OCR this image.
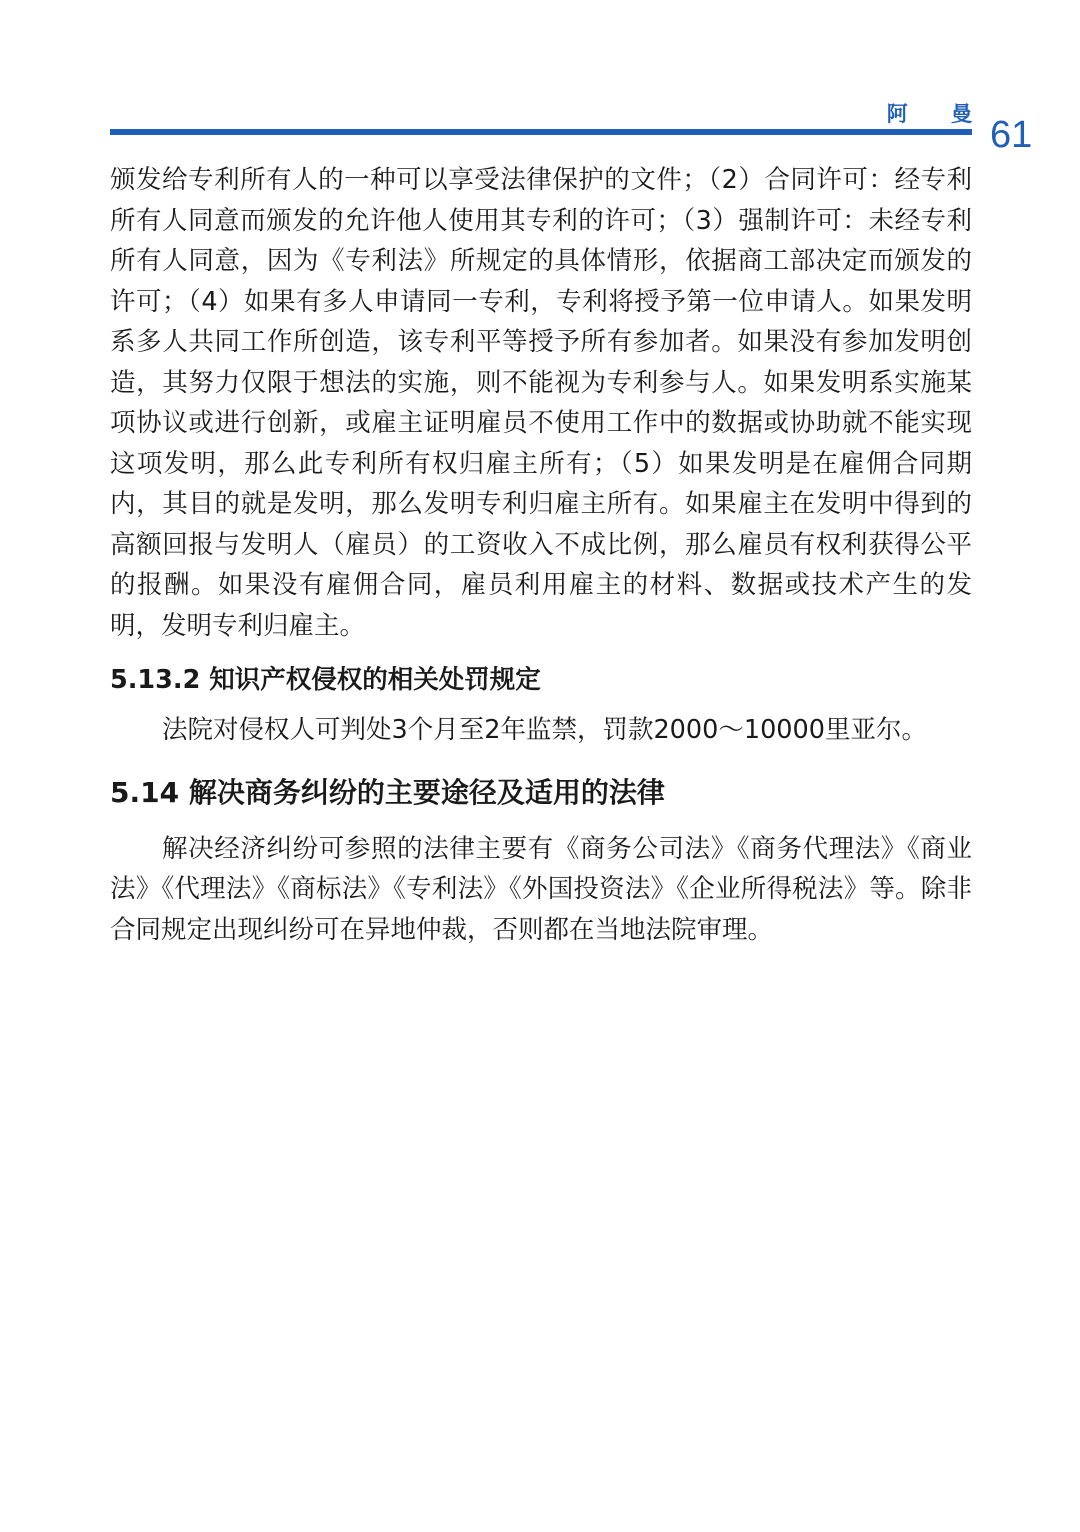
阿 曼 61

颁发给专利所有人的一种可以享受法律保护的文件；（2）合同许可：经专利所有人同意而颁发的允许他人使用其专利的许可；（3）强制许可：未经专利所有人同意，因为《专利法》所规定的具体情形，依据商工部决定而颁发的许可；（4）如果有多人申请同一专利，专利将授予第一位申请人。如果发明系多人共同工作所创造，该专利平等授予所有参加者。如果没有参加发明创造，其努力仅限于想法的实施，则不能视为专利参与人。如果发明系实施某项协议或进行创新，或雇主证明雇员不使用工作中的数据或协助就不能实现这项发明，那么此专利所有权归雇主所有；（5）如果发明是在雇佣合同期内，其目的就是发明，那么发明专利归雇主所有。如果雇主在发明中得到的高额回报与发明人（雇员）的工资收入不成比例，那么雇员有权利获得公平的报酬。如果没有雇佣合同，雇员利用雇主的材料、数据或技术产生的发明，发明专利归雇主。

5.13.2 知识产权侵权的相关处罚规定

法院对侵权人可判处3个月至2年监禁，罚款2000～10000里亚尔。

5.14 解决商务纠纷的主要途径及适用的法律

解决经济纠纷可参照的法律主要有《商务公司法》《商务代理法》《商业法》《代理法》《商标法》《专利法》《外国投资法》《企业所得税法》等。除非合同规定出现纠纷可在异地仲裁，否则都在当地法院审理。
